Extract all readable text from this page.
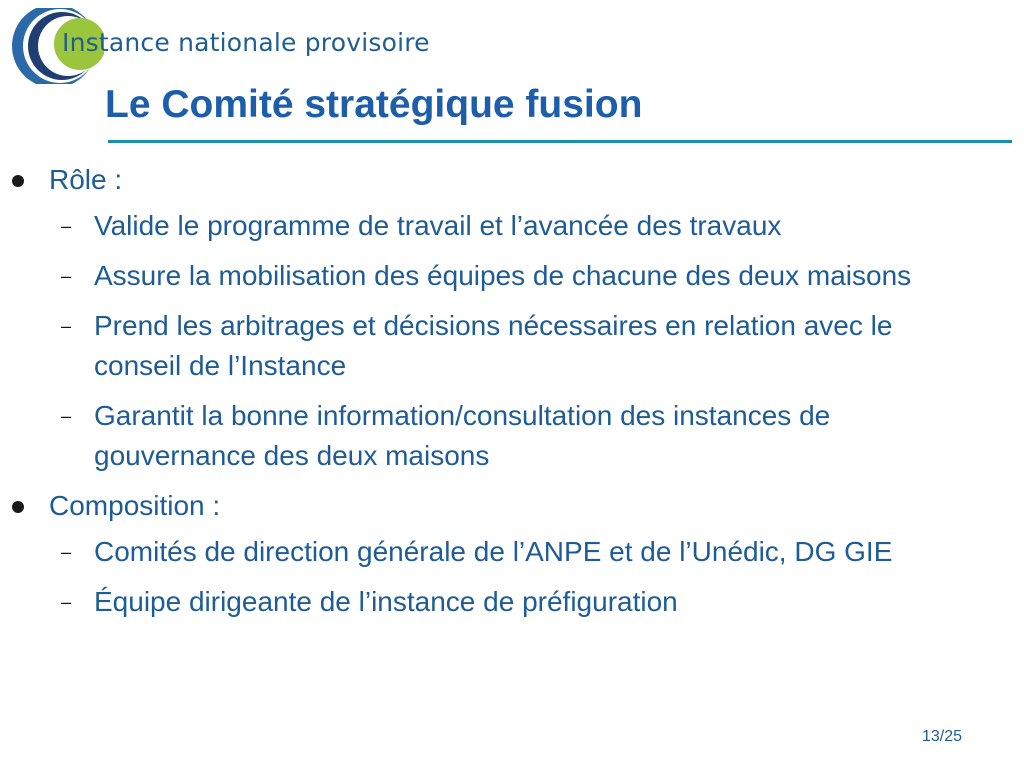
Instance nationale provisoire
Le Comité stratégique fusion
Rôle :
– Valide le programme de travail et l’avancée des travaux
– Assure la mobilisation des équipes de chacune des deux maisons
– Prend les arbitrages et décisions nécessaires en relation avec le conseil de l’Instance
– Garantit la bonne information/consultation des instances de gouvernance des deux maisons
Composition :
– Comités de direction générale de l’ANPE et de l’Unédic, DG GIE
– Équipe dirigeante de l’instance de préfiguration
13/25
